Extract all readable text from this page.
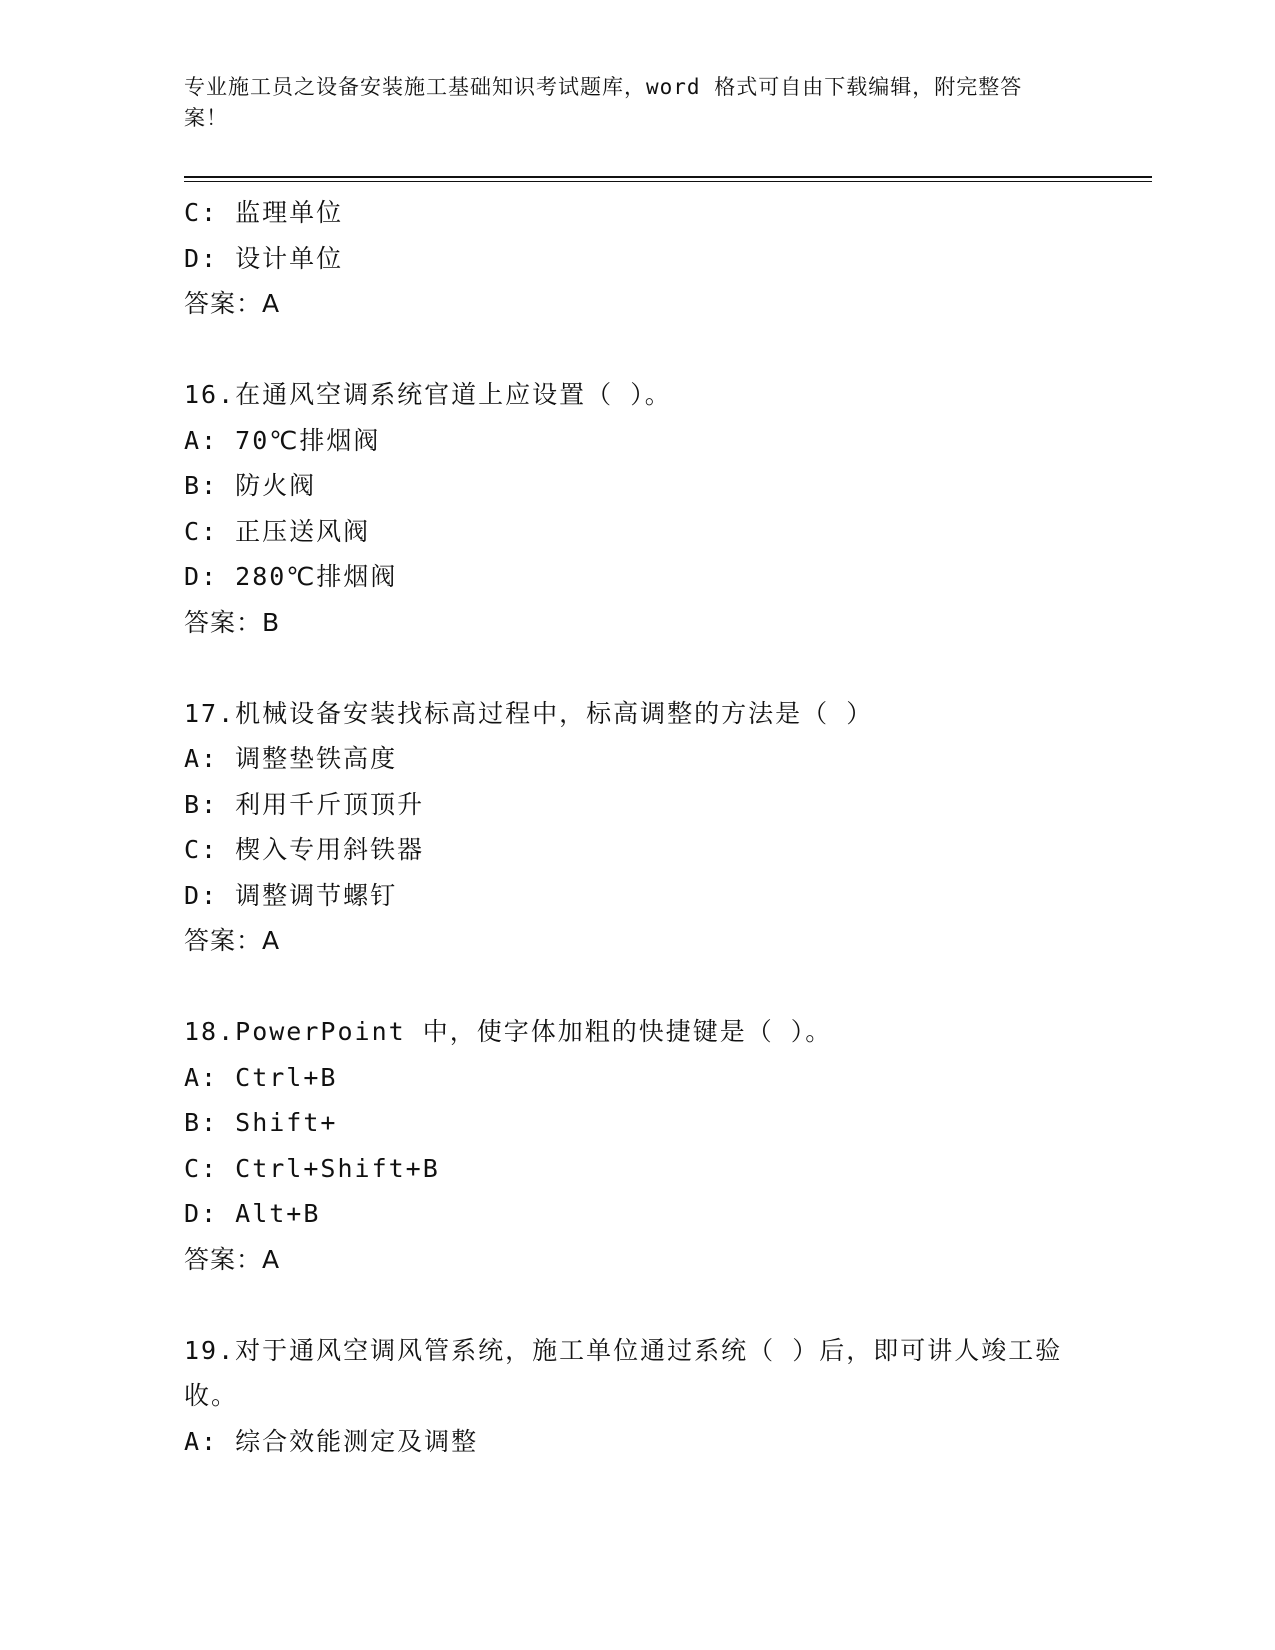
专业施工员之设备安装施工基础知识考试题库，word 格式可自由下载编辑，附完整答案！
C: 监理单位
D: 设计单位
答案：A
16.在通风空调系统官道上应设置（ ）。
A: 70℃排烟阀
B: 防火阀
C: 正压送风阀
D: 280℃排烟阀
答案：B
17.机械设备安装找标高过程中，标高调整的方法是（ ）
A: 调整垫铁高度
B: 利用千斤顶顶升
C: 楔入专用斜铁器
D: 调整调节螺钉
答案：A
18.PowerPoint 中，使字体加粗的快捷键是（ ）。
A: Ctrl+B
B: Shift+
C: Ctrl+Shift+B
D: Alt+B
答案：A
19.对于通风空调风管系统，施工单位通过系统（ ）后，即可讲人竣工验收。
A: 综合效能测定及调整
